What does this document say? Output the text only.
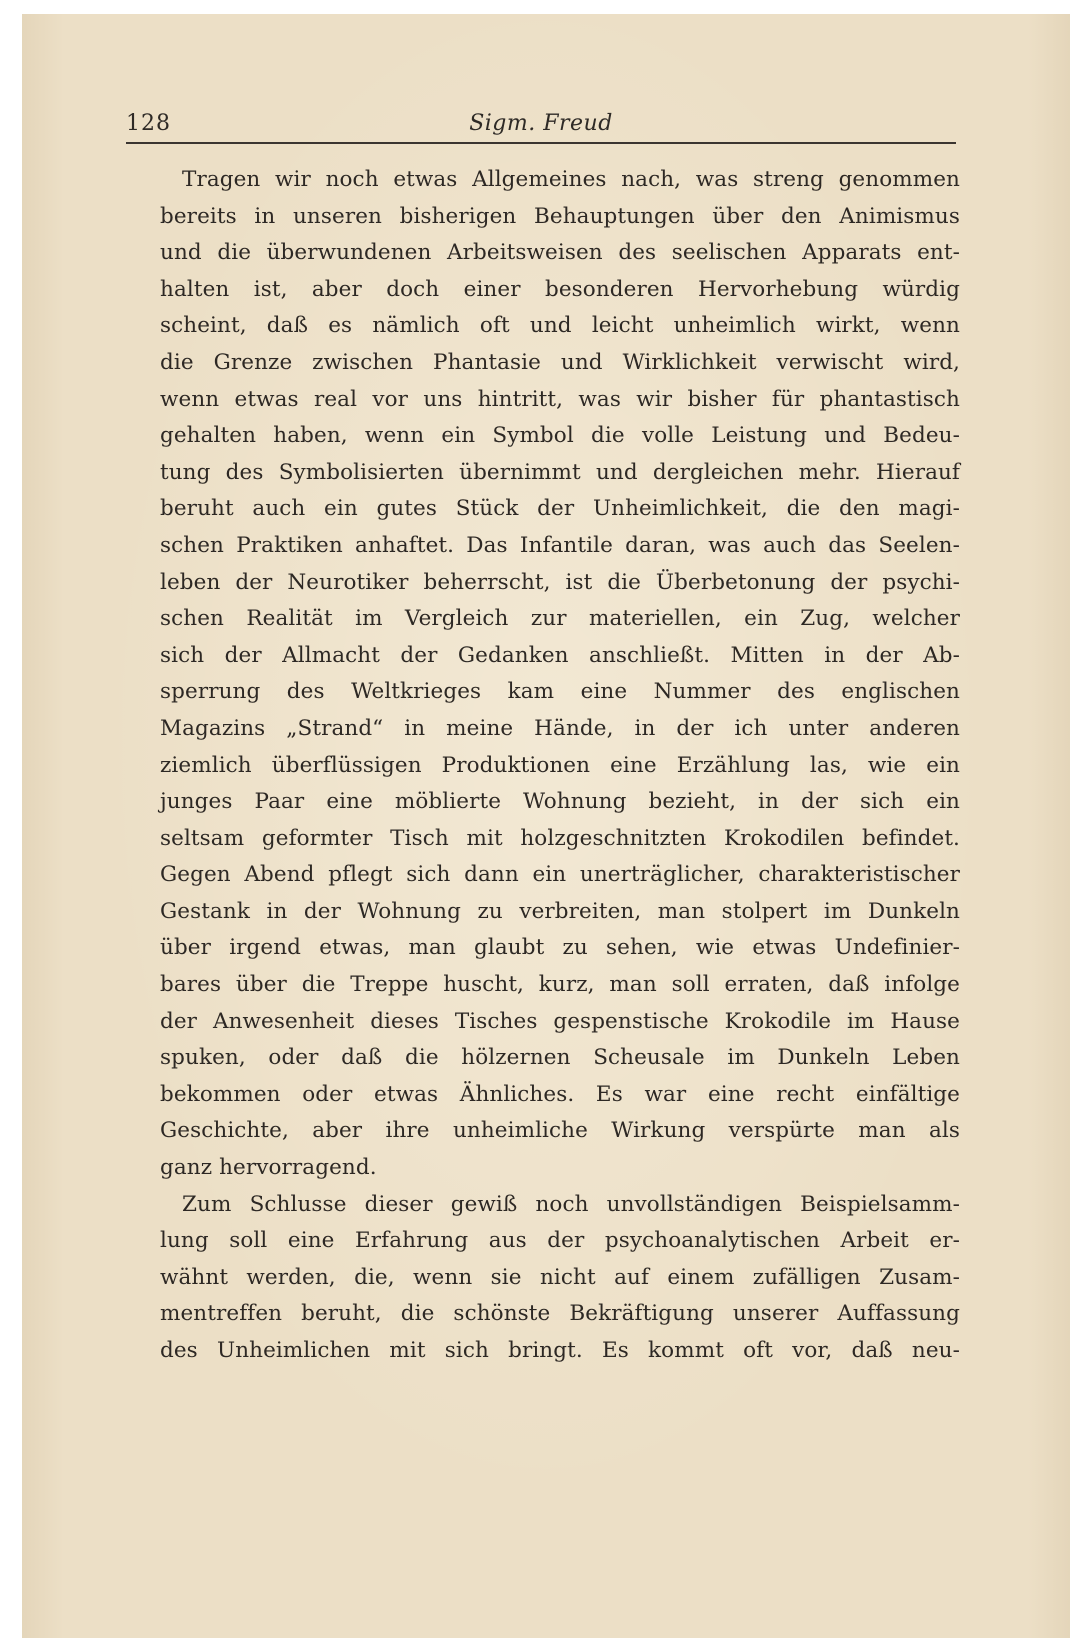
128	Sigm. Freud
Tragen wir noch etwas Allgemeines nach, was streng genommen
bereits in unseren bisherigen Behauptungen über den Animismus
und die überwundenen Arbeitsweisen des seelischen Apparats ent-
halten ist, aber doch einer besonderen Hervorhebung würdig
scheint, daß es nämlich oft und leicht unheimlich wirkt, wenn
die Grenze zwischen Phantasie und Wirklichkeit verwischt wird,
wenn etwas real vor uns hintritt, was wir bisher für phantastisch
gehalten haben, wenn ein Symbol die volle Leistung und Bedeu-
tung des Symbolisierten übernimmt und dergleichen mehr. Hierauf
beruht auch ein gutes Stück der Unheimlichkeit, die den magi-
schen Praktiken anhaftet. Das Infantile daran, was auch das Seelen-
leben der Neurotiker beherrscht, ist die Überbetonung der psychi-
schen Realität im Vergleich zur materiellen, ein Zug, welcher
sich der Allmacht der Gedanken anschließt. Mitten in der Ab-
sperrung des Weltkrieges kam eine Nummer des englischen
Magazins „Strand“ in meine Hände, in der ich unter anderen
ziemlich überflüssigen Produktionen eine Erzählung las, wie ein
junges Paar eine möblierte Wohnung bezieht, in der sich ein
seltsam geformter Tisch mit holzgeschnitzten Krokodilen befindet.
Gegen Abend pflegt sich dann ein unerträglicher, charakteristischer
Gestank in der Wohnung zu verbreiten, man stolpert im Dunkeln
über irgend etwas, man glaubt zu sehen, wie etwas Undefinier-
bares über die Treppe huscht, kurz, man soll erraten, daß infolge
der Anwesenheit dieses Tisches gespenstische Krokodile im Hause
spuken, oder daß die hölzernen Scheusale im Dunkeln Leben
bekommen oder etwas Ähnliches. Es war eine recht einfältige
Geschichte, aber ihre unheimliche Wirkung verspürte man als
ganz hervorragend.
Zum Schlusse dieser gewiß noch unvollständigen Beispielsamm-
lung soll eine Erfahrung aus der psychoanalytischen Arbeit er-
wähnt werden, die, wenn sie nicht auf einem zufälligen Zusam-
mentreffen beruht, die schönste Bekräftigung unserer Auffassung
des Unheimlichen mit sich bringt. Es kommt oft vor, daß neu-
